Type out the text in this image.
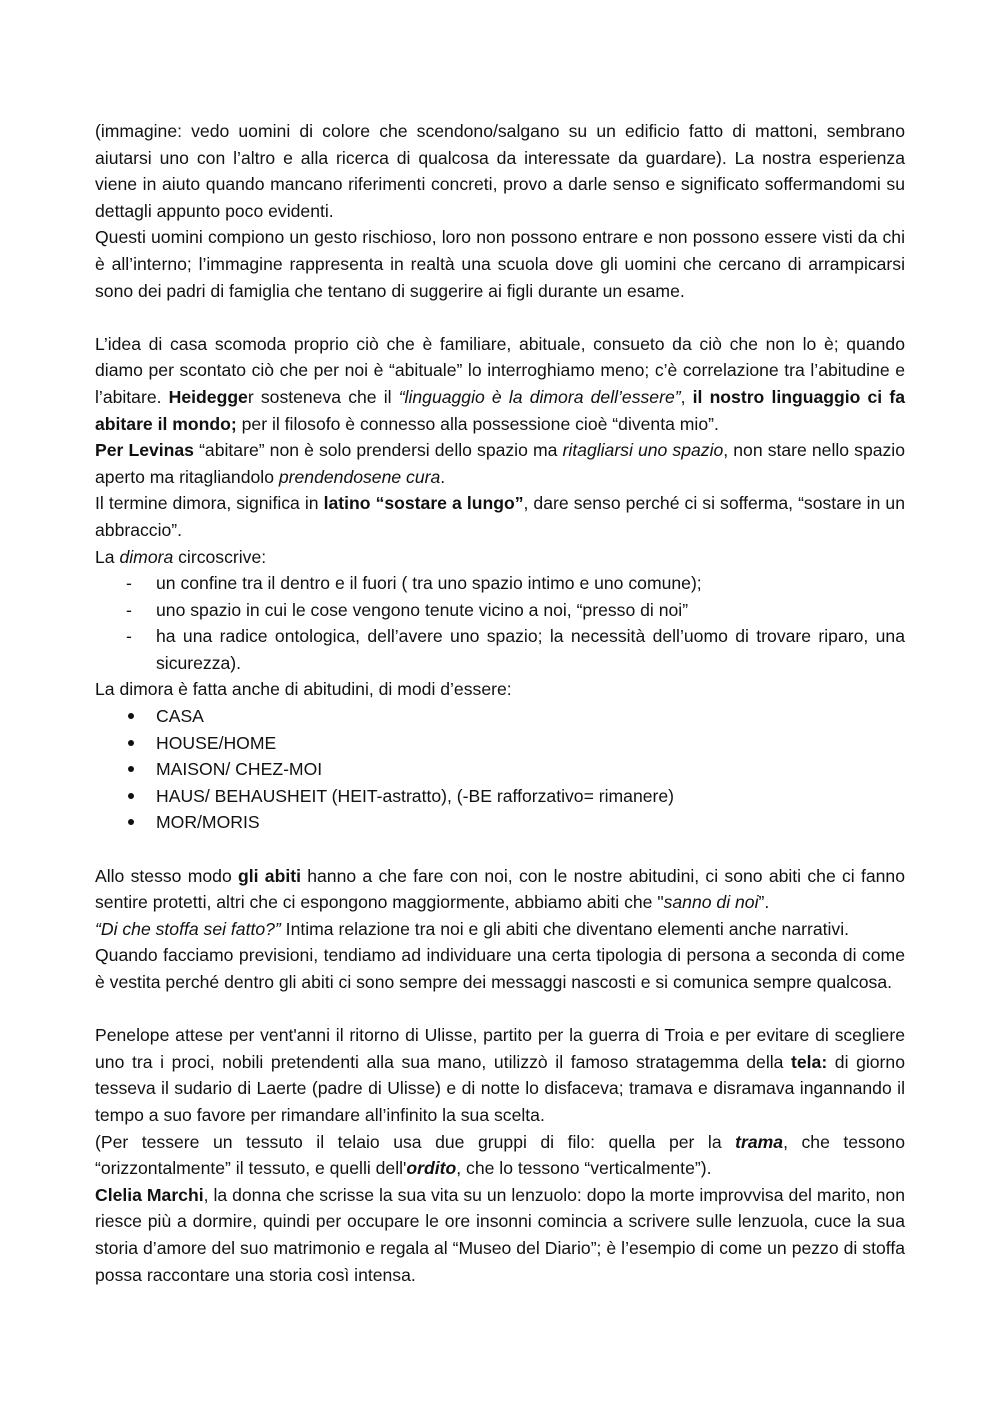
(immagine: vedo uomini di colore che scendono/salgano su un edificio fatto di mattoni, sembrano aiutarsi uno con l’altro e alla ricerca di qualcosa da interessate da guardare). La nostra esperienza viene in aiuto quando mancano riferimenti concreti, provo a darle senso e significato soffermandomi su dettagli appunto poco evidenti.

Questi uomini compiono un gesto rischioso, loro non possono entrare e non possono essere visti da chi è all’interno; l’immagine rappresenta in realtà una scuola dove gli uomini che cercano di arrampicarsi sono dei padri di famiglia che tentano di suggerire ai figli durante un esame.

L’idea di casa scomoda proprio ciò che è familiare, abituale, consueto da ciò che non lo è; quando diamo per scontato ciò che per noi è “abituale” lo interroghiamo meno; c’è correlazione tra l’abitudine e l’abitare. Heidegger sosteneva che il “linguaggio è la dimora dell’essere”, il nostro linguaggio ci fa abitare il mondo; per il filosofo è connesso alla possessione cioè “diventa mio”.

Per Levinas “abitare” non è solo prendersi dello spazio ma ritagliarsi uno spazio, non stare nello spazio aperto ma ritagliandolo prendendosene cura.

Il termine dimora, significa in latino “sostare a lungo”, dare senso perché ci si sofferma, “sostare in un abbraccio”.

La dimora circoscrive:

- un confine tra il dentro e il fuori ( tra uno spazio intimo e uno comune);
- uno spazio in cui le cose vengono tenute vicino a noi, “presso di noi”
- ha una radice ontologica, dell’avere uno spazio; la necessità dell’uomo di trovare riparo, una sicurezza).

La dimora è fatta anche di abitudini, di modi d’essere:

CASA
HOUSE/HOME
MAISON/ CHEZ-MOI
HAUS/ BEHAUSHEIT (HEIT-astratto), (-BE rafforzativo= rimanere)
MOR/MORIS

Allo stesso modo gli abiti hanno a che fare con noi, con le nostre abitudini, ci sono abiti che ci fanno sentire protetti, altri che ci espongono maggiormente, abbiamo abiti che "sanno di noi”.

“Di che stoffa sei fatto?” Intima relazione tra noi e gli abiti che diventano elementi anche narrativi.

Quando facciamo previsioni, tendiamo ad individuare una certa tipologia di persona a seconda di come è vestita perché dentro gli abiti ci sono sempre dei messaggi nascosti e si comunica sempre qualcosa.

Penelope attese per vent'anni il ritorno di Ulisse, partito per la guerra di Troia e per evitare di scegliere uno tra i proci, nobili pretendenti alla sua mano, utilizzò il famoso stratagemma della tela: di giorno tesseva il sudario di Laerte (padre di Ulisse) e di notte lo disfaceva; tramava e disramava ingannando il tempo a suo favore per rimandare all’infinito la sua scelta.

(Per tessere un tessuto il telaio usa due gruppi di filo: quella per la trama, che tessono “orizzontalmente” il tessuto, e quelli dell'ordito, che lo tessono “verticalmente”).

Clelia Marchi, la donna che scrisse la sua vita su un lenzuolo: dopo la morte improvvisa del marito, non riesce più a dormire, quindi per occupare le ore insonni comincia a scrivere sulle lenzuola, cuce la sua storia d’amore del suo matrimonio e regala al “Museo del Diario”; è l’esempio di come un pezzo di stoffa possa raccontare una storia così intensa.
